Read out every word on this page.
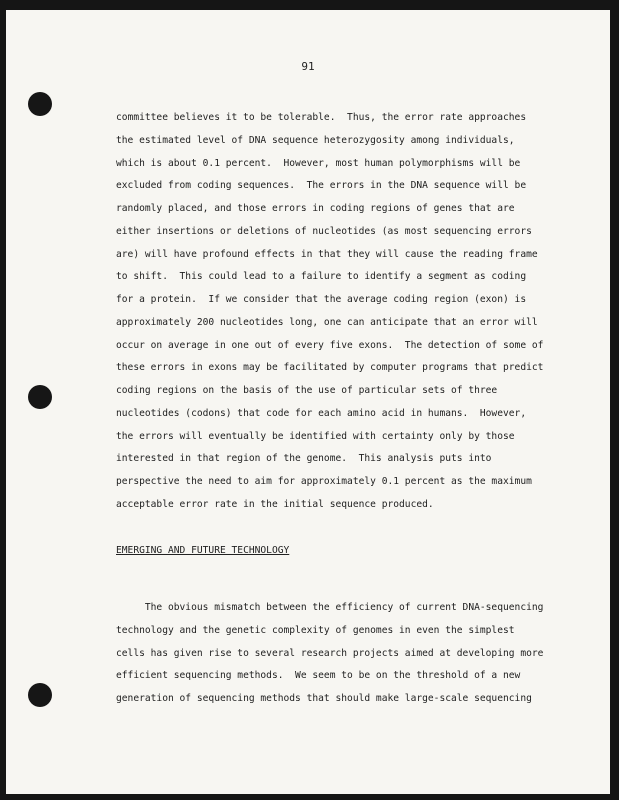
91
committee believes it to be tolerable.  Thus, the error rate approaches
the estimated level of DNA sequence heterozygosity among individuals,
which is about 0.1 percent.  However, most human polymorphisms will be
excluded from coding sequences.  The errors in the DNA sequence will be
randomly placed, and those errors in coding regions of genes that are
either insertions or deletions of nucleotides (as most sequencing errors
are) will have profound effects in that they will cause the reading frame
to shift.  This could lead to a failure to identify a segment as coding
for a protein.  If we consider that the average coding region (exon) is
approximately 200 nucleotides long, one can anticipate that an error will
occur on average in one out of every five exons.  The detection of some of
these errors in exons may be facilitated by computer programs that predict
coding regions on the basis of the use of particular sets of three
nucleotides (codons) that code for each amino acid in humans.  However,
the errors will eventually be identified with certainty only by those
interested in that region of the genome.  This analysis puts into
perspective the need to aim for approximately 0.1 percent as the maximum
acceptable error rate in the initial sequence produced.
EMERGING AND FUTURE TECHNOLOGY
The obvious mismatch between the efficiency of current DNA-sequencing
technology and the genetic complexity of genomes in even the simplest
cells has given rise to several research projects aimed at developing more
efficient sequencing methods.  We seem to be on the threshold of a new
generation of sequencing methods that should make large-scale sequencing
